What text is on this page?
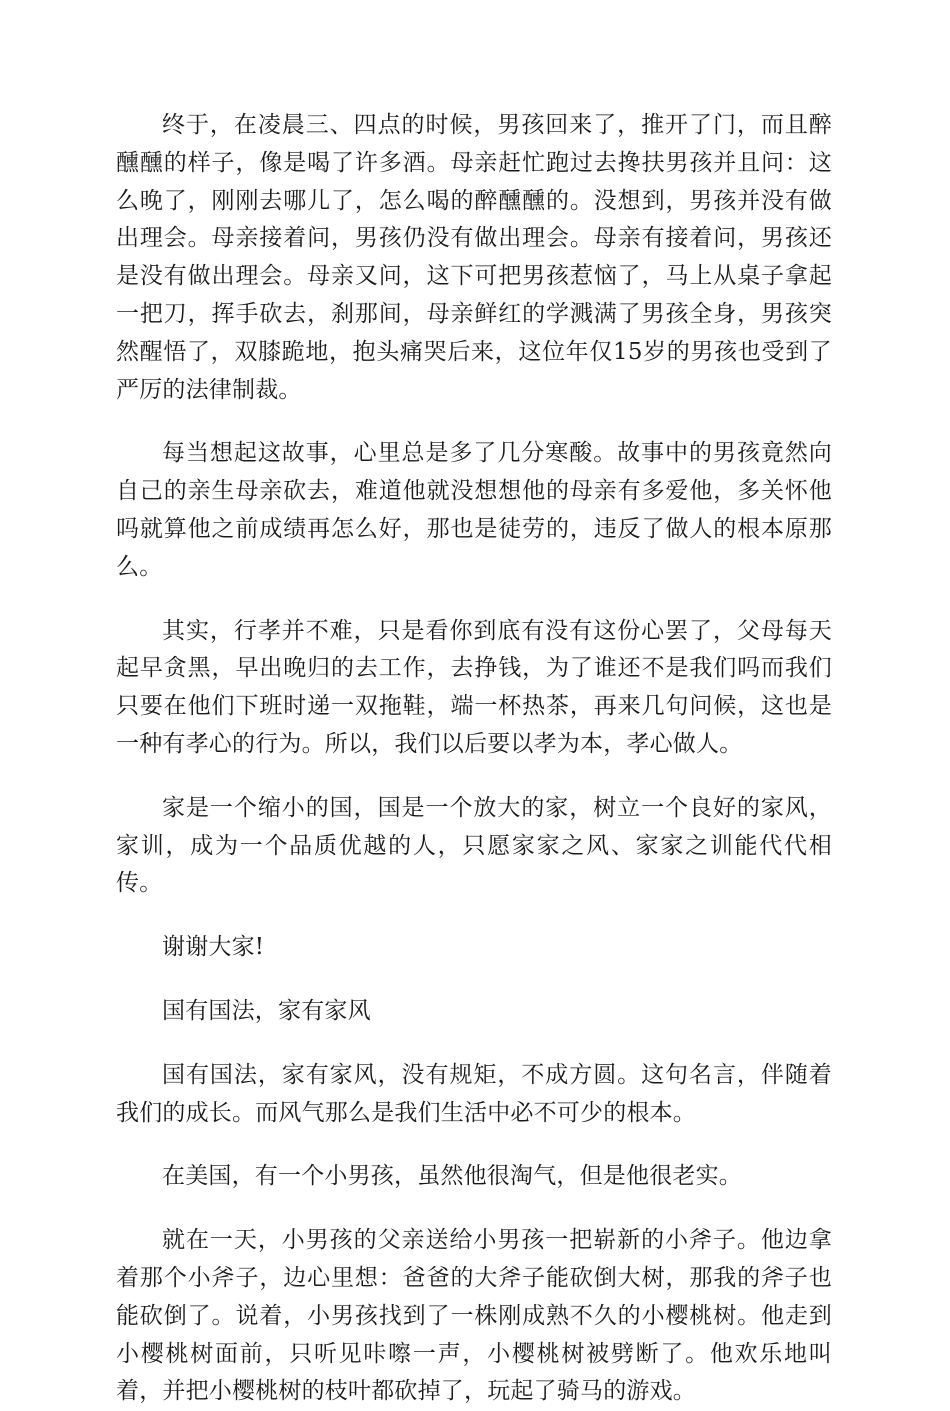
终于，在凌晨三、四点的时候，男孩回来了，推开了门，而且醉醺醺的样子，像是喝了许多酒。母亲赶忙跑过去搀扶男孩并且问：这么晚了，刚刚去哪儿了，怎么喝的醉醺醺的。没想到，男孩并没有做出理会。母亲接着问，男孩仍没有做出理会。母亲有接着问，男孩还是没有做出理会。母亲又问，这下可把男孩惹恼了，马上从桌子拿起一把刀，挥手砍去，刹那间，母亲鲜红的学溅满了男孩全身，男孩突然醒悟了，双膝跪地，抱头痛哭后来，这位年仅15岁的男孩也受到了严厉的法律制裁。

每当想起这故事，心里总是多了几分寒酸。故事中的男孩竟然向自己的亲生母亲砍去，难道他就没想想他的母亲有多爱他，多关怀他吗就算他之前成绩再怎么好，那也是徒劳的，违反了做人的根本原那么。

其实，行孝并不难，只是看你到底有没有这份心罢了，父母每天起早贪黑，早出晚归的去工作，去挣钱，为了谁还不是我们吗而我们只要在他们下班时递一双拖鞋，端一杯热茶，再来几句问候，这也是一种有孝心的行为。所以，我们以后要以孝为本，孝心做人。

家是一个缩小的国，国是一个放大的家，树立一个良好的家风，家训，成为一个品质优越的人，只愿家家之风、家家之训能代代相传。

谢谢大家!

国有国法，家有家风

国有国法，家有家风，没有规矩，不成方圆。这句名言，伴随着我们的成长。而风气那么是我们生活中必不可少的根本。

在美国，有一个小男孩，虽然他很淘气，但是他很老实。

就在一天，小男孩的父亲送给小男孩一把崭新的小斧子。他边拿着那个小斧子，边心里想：爸爸的大斧子能砍倒大树，那我的斧子也能砍倒了。说着，小男孩找到了一株刚成熟不久的小樱桃树。他走到小樱桃树面前，只听见咔嚓一声，小樱桃树被劈断了。他欢乐地叫着，并把小樱桃树的枝叶都砍掉了，玩起了骑马的游戏。
